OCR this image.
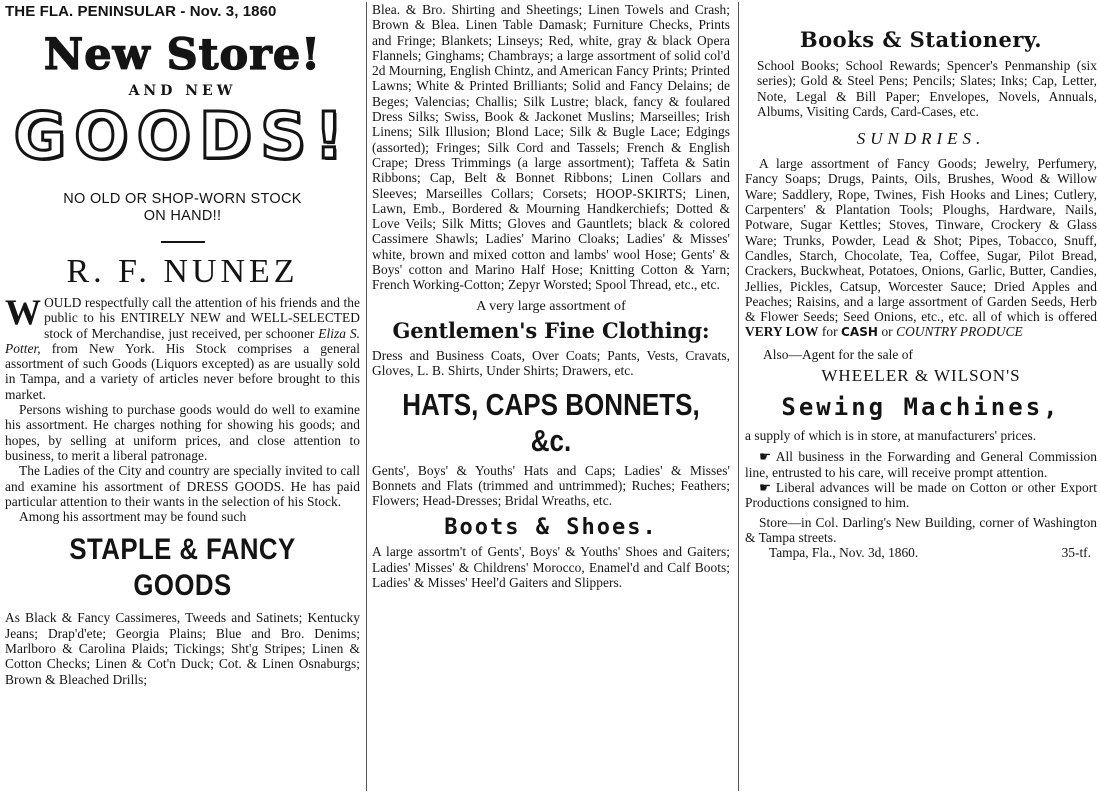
THE FLA. PENINSULAR - Nov. 3, 1860
New Store!
AND NEW
GOODS!
NO OLD OR SHOP-WORN STOCK
ON HAND!!
R. F. NUNEZ

WOULD respectfully call the attention of his friends and the public to his ENTIRELY NEW and WELL-SELECTED stock of Merchandise, just received, per schooner Eliza S. Potter, from New York. His Stock comprises a general assortment of such Goods (Liquors excepted) as are usually sold in Tampa, and a variety of articles never before brought to this market.

Persons wishing to purchase goods would do well to examine his assortment. He charges nothing for showing his goods; and hopes, by selling at uniform prices, and close attention to business, to merit a liberal patronage.

The Ladies of the City and country are specially invited to call and examine his assortment of DRESS GOODS. He has paid particular attention to their wants in the selection of his Stock.

Among his assortment may be found such

STAPLE & FANCY GOODS

As Black & Fancy Cassimeres, Tweeds and Satinets; Kentucky Jeans; Drap'd'ete; Georgia Plains; Blue and Bro. Denims; Marlboro & Carolina Plaids; Tickings; Sht'g Stripes; Linen & Cotton Checks; Linen & Cot'n Duck; Cot. & Linen Osnaburgs; Brown & Bleached Drills;

Blea. & Bro. Shirting and Sheetings; Linen Towels and Crash; Brown & Blea. Linen Table Damask; Furniture Checks, Prints and Fringe; Blankets; Linseys; Red, white, gray & black Opera Flannels; Ginghams; Chambrays; a large assortment of solid col'd 2d Mourning, English Chintz, and American Fancy Prints; Printed Lawns; White & Printed Brilliants; Solid and Fancy Delains; de Beges; Valencias; Challis; Silk Lustre; black, fancy & foulared Dress Silks; Swiss, Book & Jackonet Muslins; Marseilles; Irish Linens; Silk Illusion; Blond Lace; Silk & Bugle Lace; Edgings (assorted); Fringes; Silk Cord and Tassels; French & English Crape; Dress Trimmings (a large assortment); Taffeta & Satin Ribbons; Cap, Belt & Bonnet Ribbons; Linen Collars and Sleeves; Marseilles Collars; Corsets; HOOP-SKIRTS; Linen, Lawn, Emb., Bordered & Mourning Handkerchiefs; Dotted & Love Veils; Silk Mitts; Gloves and Gauntlets; black & colored Cassimere Shawls; Ladies' Marino Cloaks; Ladies' & Misses' white, brown and mixed cotton and lambs' wool Hose; Gents' & Boys' cotton and Marino Half Hose; Knitting Cotton & Yarn; French Working-Cotton; Zepyr Worsted; Spool Thread, etc., etc.

A very large assortment of

Gentlemen's Fine Clothing:

Dress and Business Coats, Over Coats; Pants, Vests, Cravats, Gloves, L. B. Shirts, Under Shirts; Drawers, etc.

HATS, CAPS BONNETS, &c.

Gents', Boys' & Youths' Hats and Caps; Ladies' & Misses' Bonnets and Flats (trimmed and untrimmed); Ruches; Feathers; Flowers; Head-Dresses; Bridal Wreaths, etc.

Boots & Shoes.

A large assortm't of Gents', Boys' & Youths' Shoes and Gaiters; Ladies' Misses' & Childrens' Morocco, Enamel'd and Calf Boots; Ladies' & Misses' Heel'd Gaiters and Slippers.

Books & Stationery.

School Books; School Rewards; Spencer's Penmanship (six series); Gold & Steel Pens; Pencils; Slates; Inks; Cap, Letter, Note, Legal & Bill Paper; Envelopes, Novels, Annuals, Albums, Visiting Cards, Card-Cases, etc.

SUNDRIES.

A large assortment of Fancy Goods; Jewelry, Perfumery, Fancy Soaps; Drugs, Paints, Oils, Brushes, Wood & Willow Ware; Saddlery, Rope, Twines, Fish Hooks and Lines; Cutlery, Carpenters' & Plantation Tools; Ploughs, Hardware, Nails, Potware, Sugar Kettles; Stoves, Tinware, Crockery & Glass Ware; Trunks, Powder, Lead & Shot; Pipes, Tobacco, Snuff, Candles, Starch, Chocolate, Tea, Coffee, Sugar, Pilot Bread, Crackers, Buckwheat, Potatoes, Onions, Garlic, Butter, Candies, Jellies, Pickles, Catsup, Worcester Sauce; Dried Apples and Peaches; Raisins, and a large assortment of Garden Seeds, Herb & Flower Seeds; Seed Onions, etc., etc. all of which is offered VERY LOW for CASH or COUNTRY PRODUCE

Also—Agent for the sale of

WHEELER & WILSON'S
Sewing Machines,

a supply of which is in store, at manufacturers' prices.

☛ All business in the Forwarding and General Commission line, entrusted to his care, will receive prompt attention.

☛ Liberal advances will be made on Cotton or other Export Productions consigned to him.

Store—in Col. Darling's New Building, corner of Washington & Tampa streets.

Tampa, Fla., Nov. 3d, 1860.	35-tf.
